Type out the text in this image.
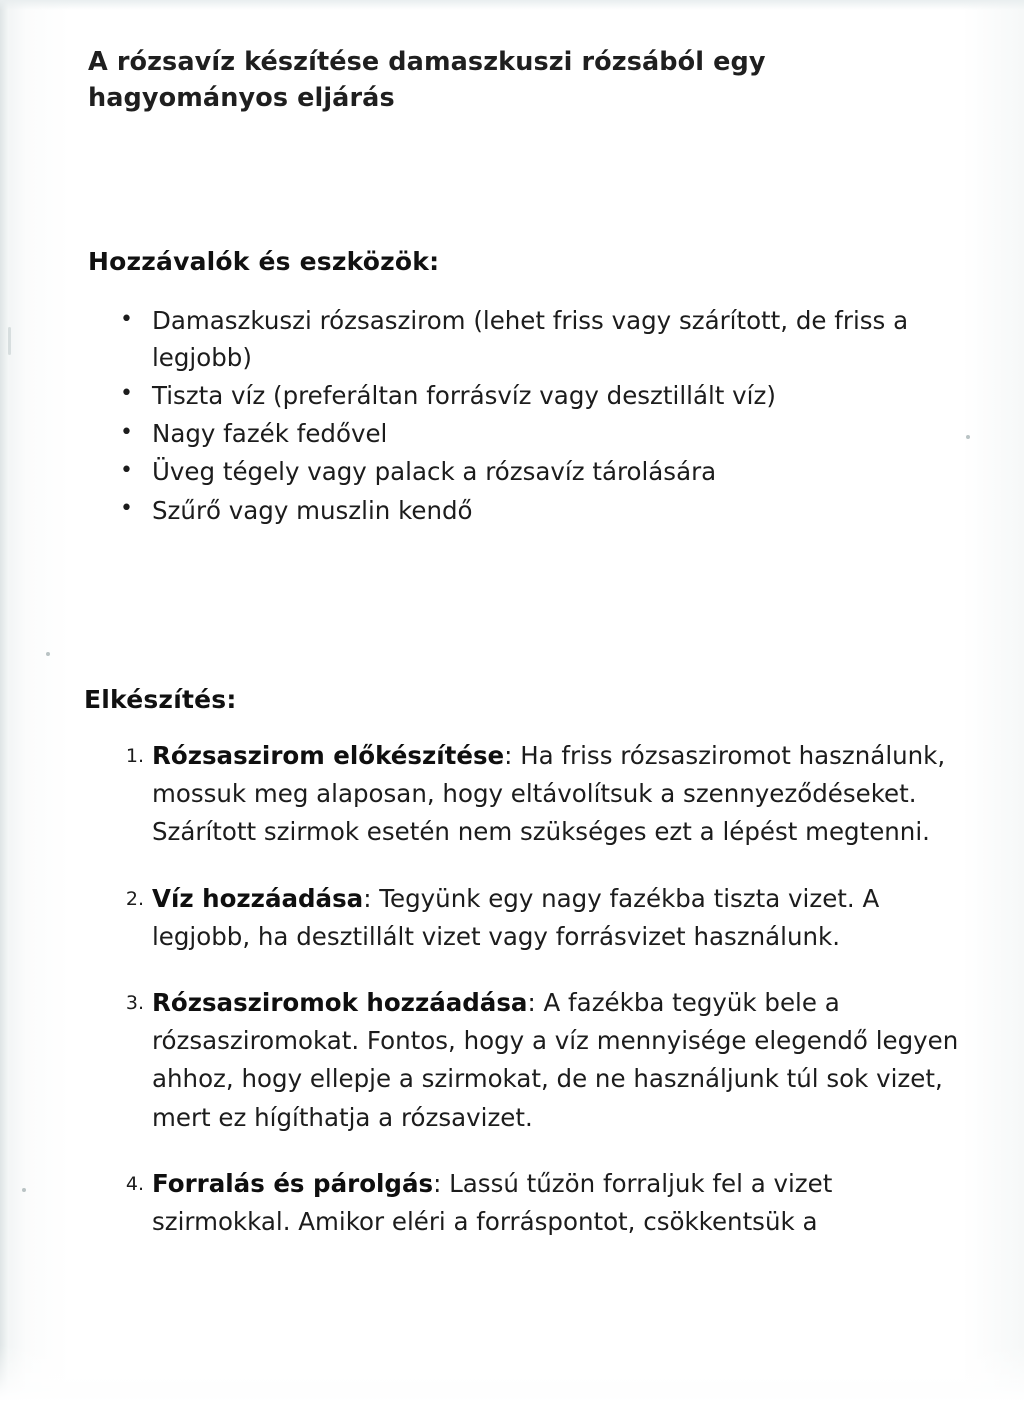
A rózsavíz készítése damaszkuszi rózsából egy hagyományos eljárás
Hozzávalók és eszközök:
• Damaszkuszi rózsaszirom (lehet friss vagy szárított, de friss a legjobb)
• Tiszta víz (preferáltan forrásvíz vagy desztillált víz)
• Nagy fazék fedővel
• Üveg tégely vagy palack a rózsavíz tárolására
• Szűrő vagy muszlin kendő
Elkészítés:
1. Rózsaszirom előkészítése: Ha friss rózsasziromot használunk, mossuk meg alaposan, hogy eltávolítsuk a szennyeződéseket. Szárított szirmok esetén nem szükséges ezt a lépést megtenni.
2. Víz hozzáadása: Tegyünk egy nagy fazékba tiszta vizet. A legjobb, ha desztillált vizet vagy forrásvizet használunk.
3. Rózsasziromok hozzáadása: A fazékba tegyük bele a rózsasziromokat. Fontos, hogy a víz mennyisége elegendő legyen ahhoz, hogy ellepje a szirmokat, de ne használjunk túl sok vizet, mert ez hígíthatja a rózsavizet.
4. Forralás és párolgás: Lassú tűzön forraljuk fel a vizet szirmokkal. Amikor eléri a forráspontot, csökkentsük a
